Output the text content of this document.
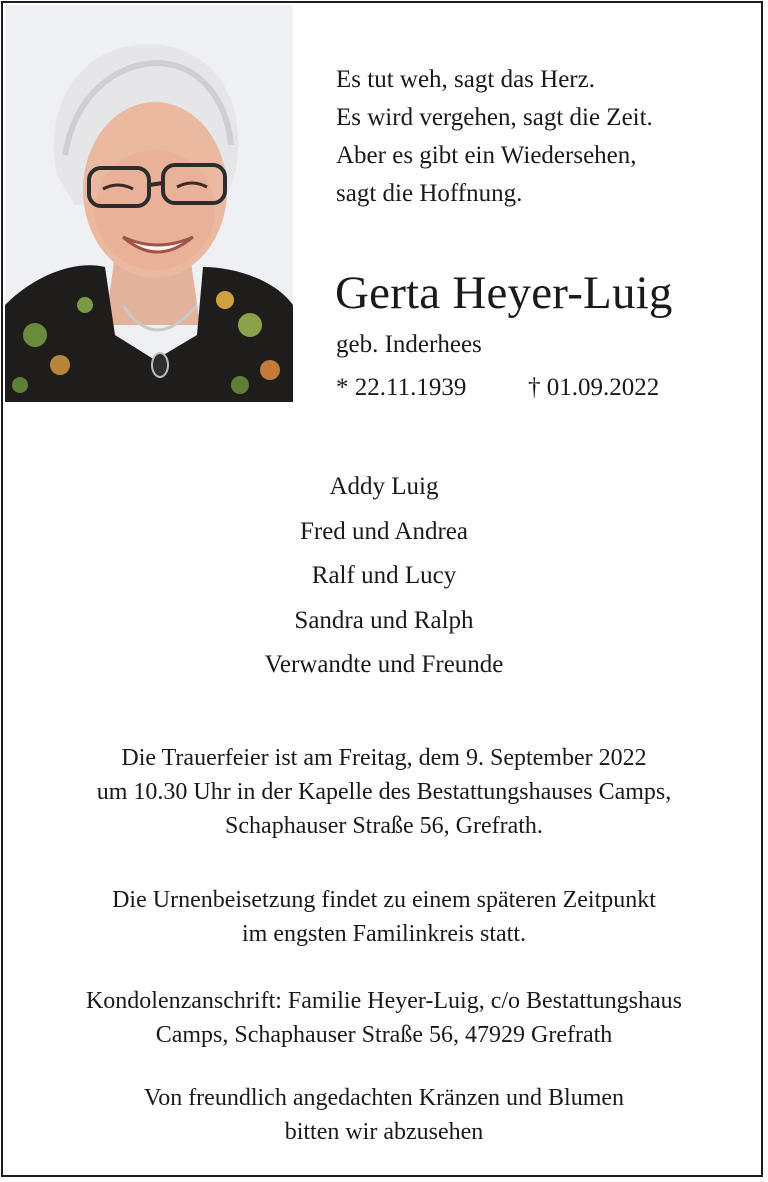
Es tut weh, sagt das Herz.
Es wird vergehen, sagt die Zeit.
Aber es gibt ein Wiedersehen,
sagt die Hoffnung.
Gerta Heyer-Luig
geb. Inderhees
* 22.11.1939 † 01.09.2022
Addy Luig
Fred und Andrea
Ralf und Lucy
Sandra und Ralph
Verwandte und Freunde
Die Trauerfeier ist am Freitag, dem 9. September 2022
um 10.30 Uhr in der Kapelle des Bestattungshauses Camps,
Schaphauser Straße 56, Grefrath.
Die Urnenbeisetzung findet zu einem späteren Zeitpunkt
im engsten Familinkreis statt.
Kondolenzanschrift: Familie Heyer-Luig, c/o Bestattungshaus
Camps, Schaphauser Straße 56, 47929 Grefrath
Von freundlich angedachten Kränzen und Blumen
bitten wir abzusehen
